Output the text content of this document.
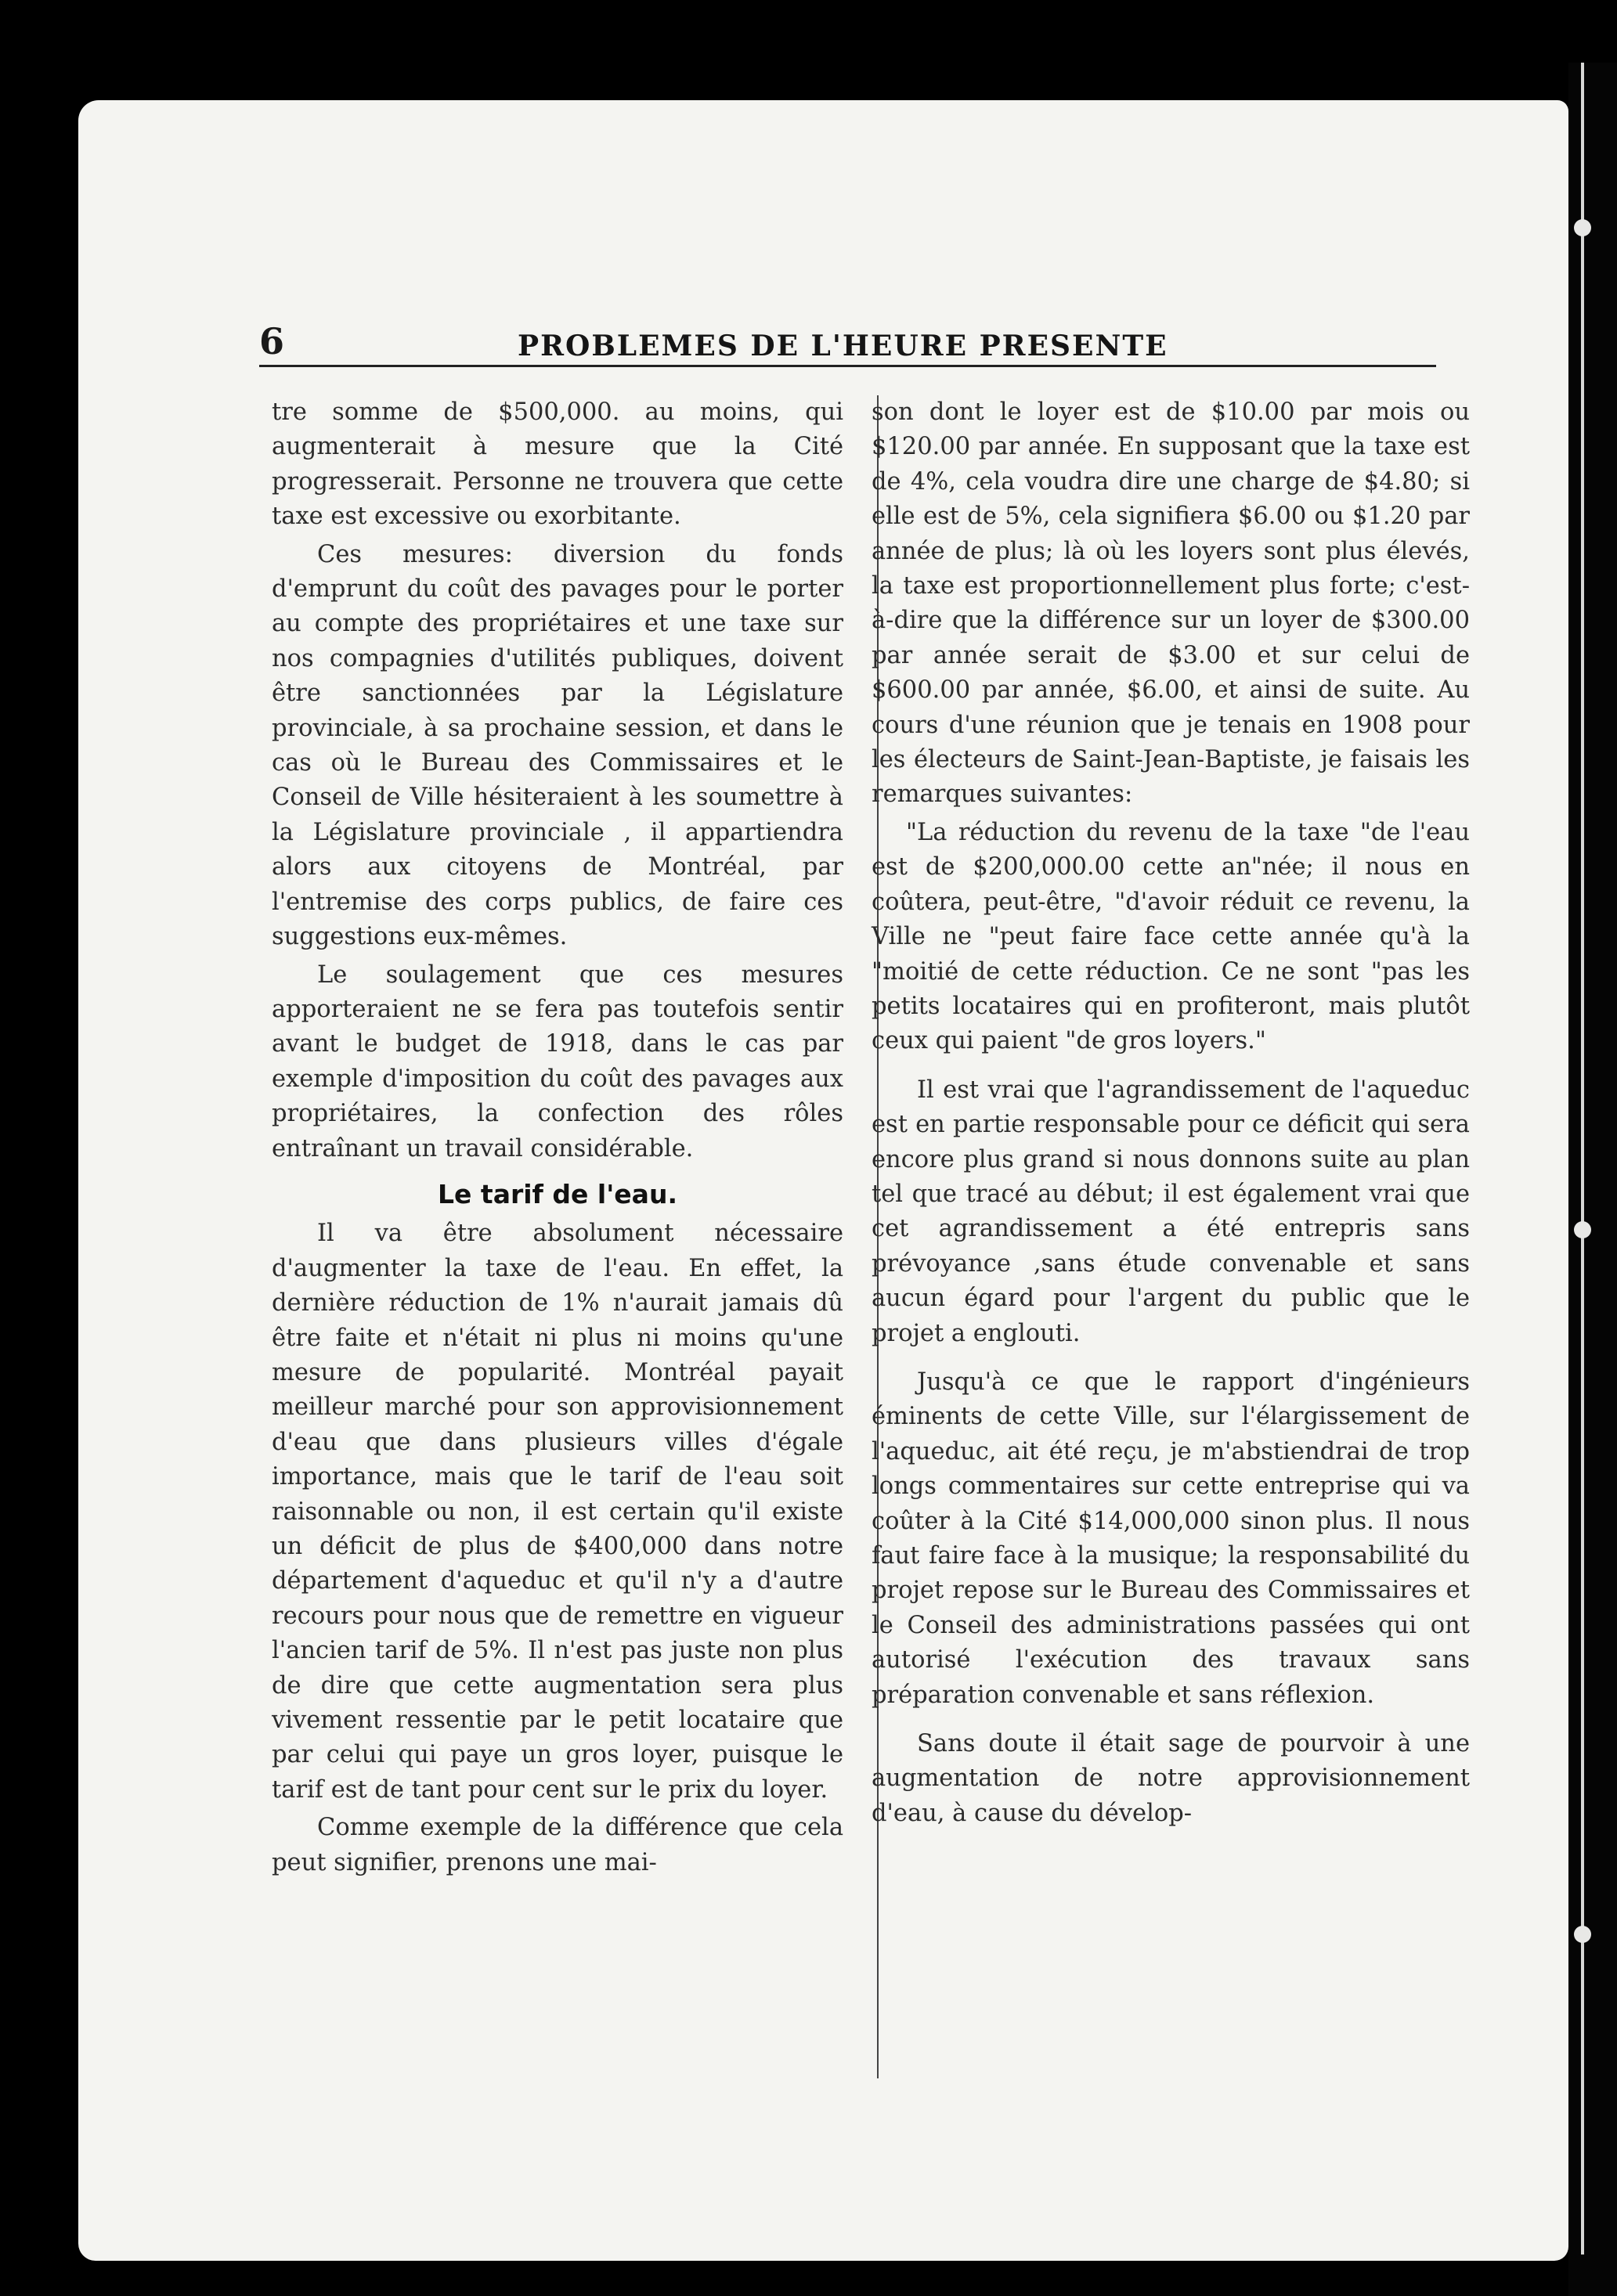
6	PROBLEMES DE L'HEURE PRESENTE

tre somme de $500,000. au moins, qui augmenterait à mesure que la Cité progresserait. Personne ne trouvera que cette taxe est excessive ou exorbitante.

Ces mesures: diversion du fonds d'emprunt du coût des pavages pour le porter au compte des propriétaires et une taxe sur nos compagnies d'utilités publiques, doivent être sanctionnées par la Législature provinciale, à sa prochaine session, et dans le cas où le Bureau des Commissaires et le Conseil de Ville hésiteraient à les soumettre à la Législature provinciale , il appartiendra alors aux citoyens de Montréal, par l'entremise des corps publics, de faire ces suggestions eux-mêmes.

Le soulagement que ces mesures apporteraient ne se fera pas toutefois sentir avant le budget de 1918, dans le cas par exemple d'imposition du coût des pavages aux propriétaires, la confection des rôles entraînant un travail considérable.

Le tarif de l'eau.

Il va être absolument nécessaire d'augmenter la taxe de l'eau. En effet, la dernière réduction de 1% n'aurait jamais dû être faite et n'était ni plus ni moins qu'une mesure de popularité. Montréal payait meilleur marché pour son approvisionnement d'eau que dans plusieurs villes d'égale importance, mais que le tarif de l'eau soit raisonnable ou non, il est certain qu'il existe un déficit de plus de $400,000 dans notre département d'aqueduc et qu'il n'y a d'autre recours pour nous que de remettre en vigueur l'ancien tarif de 5%. Il n'est pas juste non plus de dire que cette augmentation sera plus vivement ressentie par le petit locataire que par celui qui paye un gros loyer, puisque le tarif est de tant pour cent sur le prix du loyer.

Comme exemple de la différence que cela peut signifier, prenons une mai-

son dont le loyer est de $10.00 par mois ou $120.00 par année. En supposant que la taxe est de 4%, cela voudra dire une charge de $4.80; si elle est de 5%, cela signifiera $6.00 ou $1.20 par année de plus; là où les loyers sont plus élevés, la taxe est proportionnellement plus forte; c'est-à-dire que la différence sur un loyer de $300.00 par année serait de $3.00 et sur celui de $600.00 par année, $6.00, et ainsi de suite. Au cours d'une réunion que je tenais en 1908 pour les électeurs de Saint-Jean-Baptiste, je faisais les remarques suivantes:

"La réduction du revenu de la taxe "de l'eau est de $200,000.00 cette an"née; il nous en coûtera, peut-être, "d'avoir réduit ce revenu, la Ville ne "peut faire face cette année qu'à la "moitié de cette réduction. Ce ne sont "pas les petits locataires qui en profiteront, mais plutôt ceux qui paient "de gros loyers."

Il est vrai que l'agrandissement de l'aqueduc est en partie responsable pour ce déficit qui sera encore plus grand si nous donnons suite au plan tel que tracé au début; il est également vrai que cet agrandissement a été entrepris sans prévoyance ,sans étude convenable et sans aucun égard pour l'argent du public que le projet a englouti.

Jusqu'à ce que le rapport d'ingénieurs éminents de cette Ville, sur l'élargissement de l'aqueduc, ait été reçu, je m'abstiendrai de trop longs commentaires sur cette entreprise qui va coûter à la Cité $14,000,000 sinon plus. Il nous faut faire face à la musique; la responsabilité du projet repose sur le Bureau des Commissaires et le Conseil des administrations passées qui ont autorisé l'exécution des travaux sans préparation convenable et sans réflexion.

Sans doute il était sage de pourvoir à une augmentation de notre approvisionnement d'eau, à cause du dévelop-
